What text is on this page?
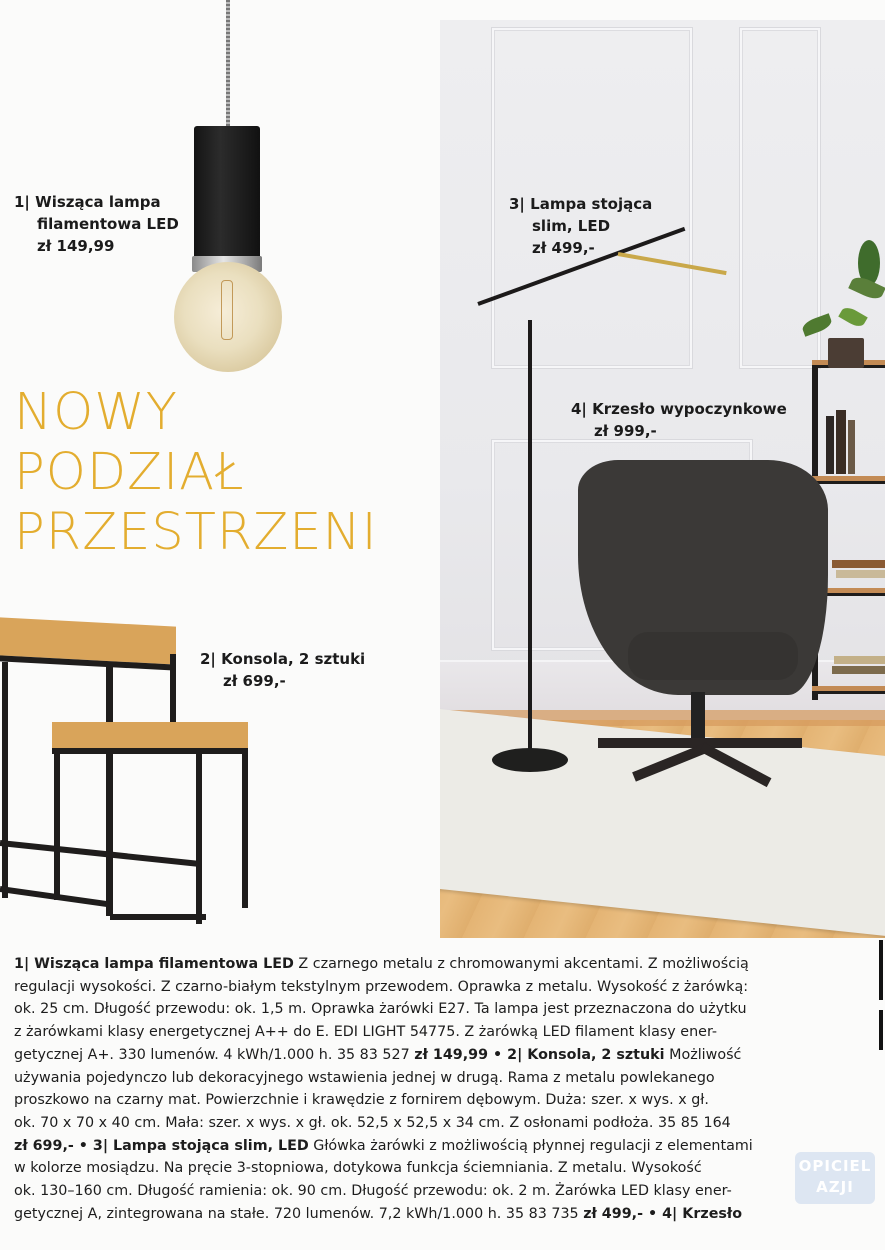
NOWY
PODZIAŁ
PRZESTRZENI
1| Wisząca lampa
filamentowa LED
zł 149,99
2| Konsola, 2 sztuki
zł 699,-
3| Lampa stojąca
slim, LED
zł 499,-
4| Krzesło wypoczynkowe
zł 999,-
1| Wisząca lampa filamentowa LED Z czarnego metalu z chromowanymi akcentami. Z możliwością
regulacji wysokości. Z czarno-białym tekstylnym przewodem. Oprawka z metalu. Wysokość z żarówką:
ok. 25 cm. Długość przewodu: ok. 1,5 m. Oprawka żarówki E27. Ta lampa jest przeznaczona do użytku
z żarówkami klasy energetycznej A++ do E. EDI LIGHT 54775. Z żarówką LED filament klasy ener-
getycznej A+. 330 lumenów. 4 kWh/1.000 h. 35 83 527 zł 149,99 • 2| Konsola, 2 sztuki Możliwość
używania pojedynczo lub dekoracyjnego wstawienia jednej w drugą. Rama z metalu powlekanego
proszkowo na czarny mat. Powierzchnie i krawędzie z fornirem dębowym. Duża: szer. x wys. x gł.
ok. 70 x 70 x 40 cm. Mała: szer. x wys. x gł. ok. 52,5 x 52,5 x 34 cm. Z osłonami podłoża. 35 85 164
zł 699,- • 3| Lampa stojąca slim, LED Główka żarówki z możliwością płynnej regulacji z elementami
w kolorze mosiądzu. Na pręcie 3-stopniowa, dotykowa funkcja ściemniania. Z metalu. Wysokość
ok. 130–160 cm. Długość ramienia: ok. 90 cm. Długość przewodu: ok. 2 m. Żarówka LED klasy ener-
getycznej A, zintegrowana na stałe. 720 lumenów. 7,2 kWh/1.000 h. 35 83 735 zł 499,- • 4| Krzesło
OPICIEL
AZJI
